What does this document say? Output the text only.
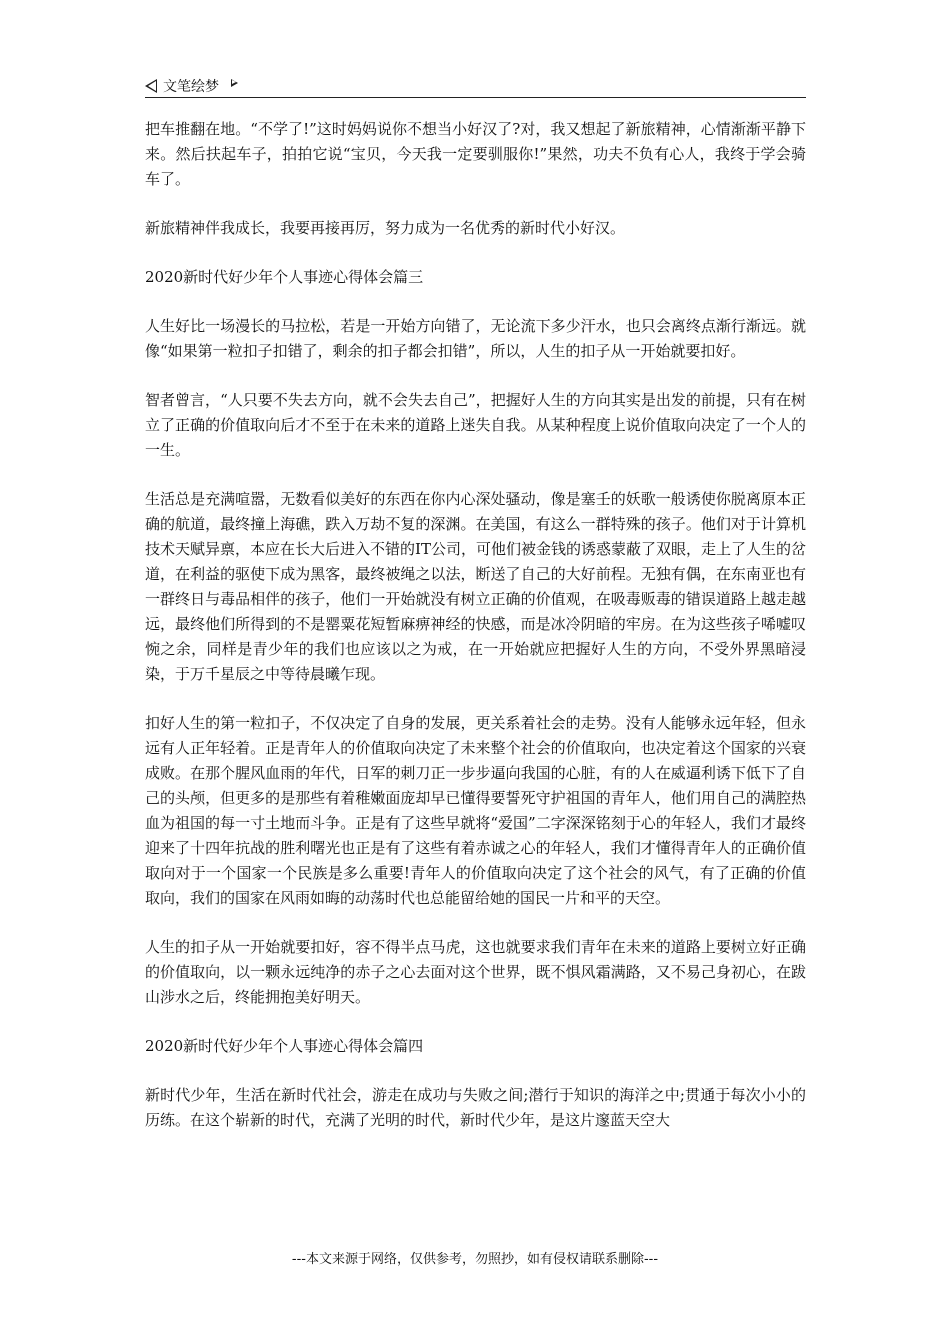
文笔绘梦

把车推翻在地。“不学了!”这时妈妈说你不想当小好汉了?对，我又想起了新旅精神，心情渐渐平静下来。然后扶起车子，拍拍它说“宝贝，今天我一定要驯服你!”果然，功夫不负有心人，我终于学会骑车了。

新旅精神伴我成长，我要再接再厉，努力成为一名优秀的新时代小好汉。

2020新时代好少年个人事迹心得体会篇三

人生好比一场漫长的马拉松，若是一开始方向错了，无论流下多少汗水，也只会离终点渐行渐远。就像“如果第一粒扣子扣错了，剩余的扣子都会扣错”，所以，人生的扣子从一开始就要扣好。

智者曾言，“人只要不失去方向，就不会失去自己”，把握好人生的方向其实是出发的前提，只有在树立了正确的价值取向后才不至于在未来的道路上迷失自我。从某种程度上说价值取向决定了一个人的一生。

生活总是充满喧嚣，无数看似美好的东西在你内心深处骚动，像是塞壬的妖歌一般诱使你脱离原本正确的航道，最终撞上海礁，跌入万劫不复的深渊。在美国，有这么一群特殊的孩子。他们对于计算机技术天赋异禀，本应在长大后进入不错的IT公司，可他们被金钱的诱惑蒙蔽了双眼，走上了人生的岔道，在利益的驱使下成为黑客，最终被绳之以法，断送了自己的大好前程。无独有偶，在东南亚也有一群终日与毒品相伴的孩子，他们一开始就没有树立正确的价值观，在吸毒贩毒的错误道路上越走越远，最终他们所得到的不是罂粟花短暂麻痹神经的快感，而是冰冷阴暗的牢房。在为这些孩子唏嘘叹惋之余，同样是青少年的我们也应该以之为戒，在一开始就应把握好人生的方向，不受外界黑暗浸染，于万千星辰之中等待晨曦乍现。

扣好人生的第一粒扣子，不仅决定了自身的发展，更关系着社会的走势。没有人能够永远年轻，但永远有人正年轻着。正是青年人的价值取向决定了未来整个社会的价值取向，也决定着这个国家的兴衰成败。在那个腥风血雨的年代，日军的刺刀正一步步逼向我国的心脏，有的人在威逼利诱下低下了自己的头颅，但更多的是那些有着稚嫩面庞却早已懂得要誓死守护祖国的青年人，他们用自己的满腔热血为祖国的每一寸土地而斗争。正是有了这些早就将“爱国”二字深深铭刻于心的年轻人，我们才最终迎来了十四年抗战的胜利曙光也正是有了这些有着赤诚之心的年轻人，我们才懂得青年人的正确价值取向对于一个国家一个民族是多么重要!青年人的价值取向决定了这个社会的风气，有了正确的价值取向，我们的国家在风雨如晦的动荡时代也总能留给她的国民一片和平的天空。

人生的扣子从一开始就要扣好，容不得半点马虎，这也就要求我们青年在未来的道路上要树立好正确的价值取向，以一颗永远纯净的赤子之心去面对这个世界，既不惧风霜满路，又不易己身初心，在跋山涉水之后，终能拥抱美好明天。

2020新时代好少年个人事迹心得体会篇四

新时代少年，生活在新时代社会，游走在成功与失败之间;潜行于知识的海洋之中;贯通于每次小小的历练。在这个崭新的时代，充满了光明的时代，新时代少年，是这片邃蓝天空大

---本文来源于网络，仅供参考，勿照抄，如有侵权请联系删除---
